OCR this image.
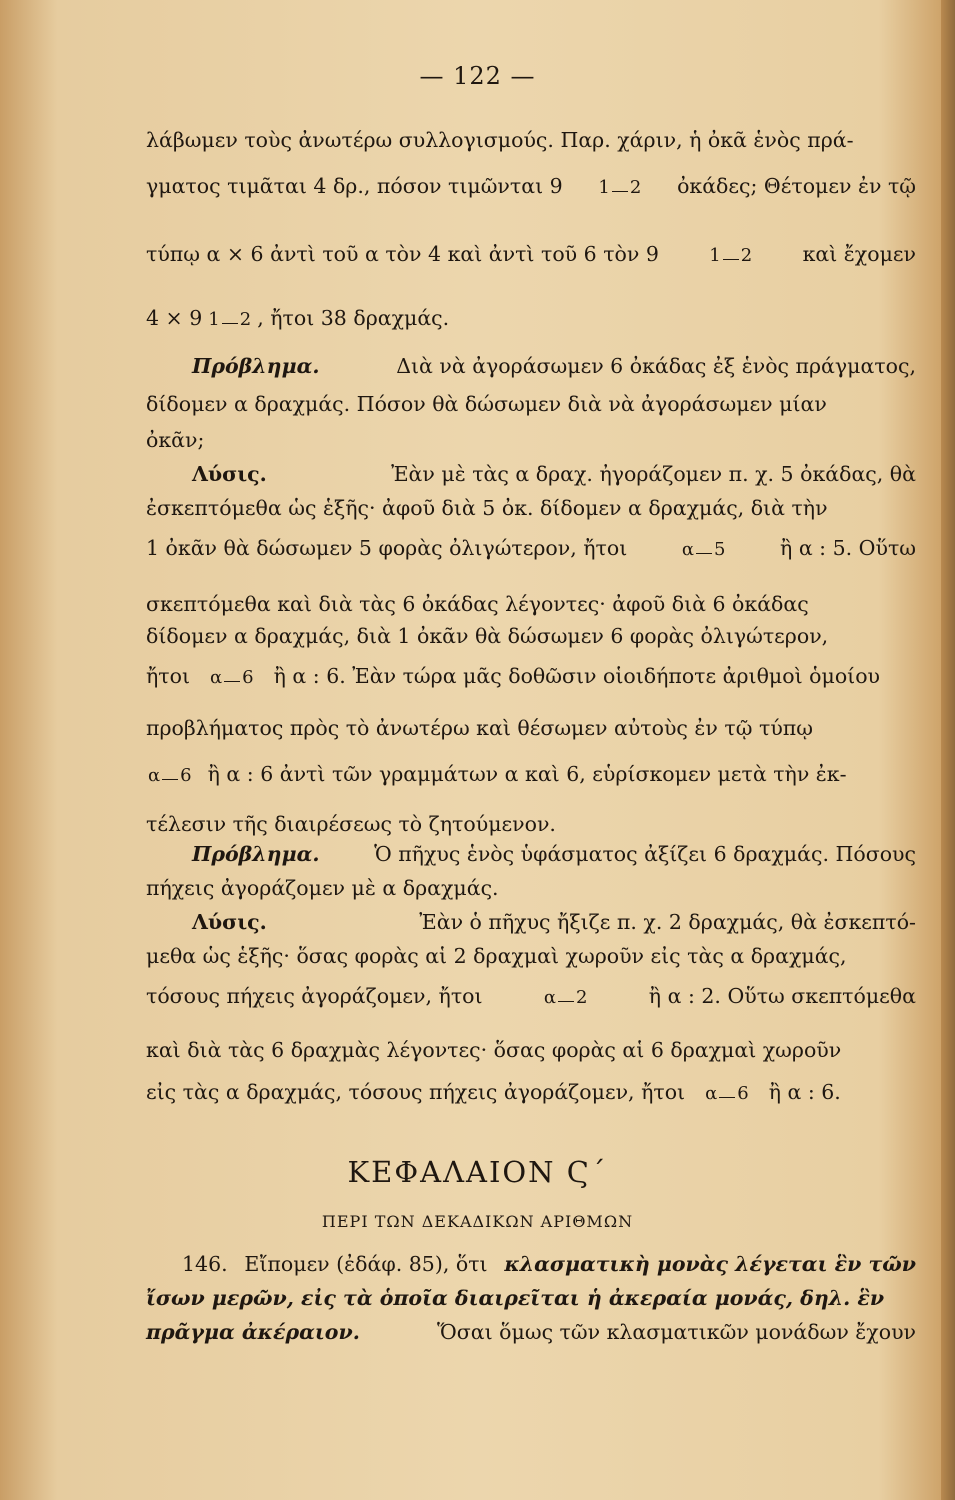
— 122 —
λάβωμεν τοὺς ἀνωτέρω συλλογισμούς. Παρ. χάριν, ἡ ὀκᾶ ἑνὸς πρά-
γματος τιμᾶται 4 δρ., πόσον τιμῶνται 9 1 2 ὀκάδες; Θέτομεν ἐν τῷ
τύπῳ α × 6 ἀντὶ τοῦ α τὸν 4 καὶ ἀντὶ τοῦ 6 τὸν 9	1 2 καὶ ἔχομεν
4 × 9 1 2 , ἤτοι 38 δραχμάς.
Πρόβλημα.	Διὰ νὰ ἀγοράσωμεν 6 ὀκάδας ἐξ ἑνὸς πράγματος,
δίδομεν α δραχμάς. Πόσον θὰ δώσωμεν διὰ νὰ ἀγοράσωμεν μίαν
ὀκᾶν;
Λύσις.	Ἐὰν μὲ τὰς α δραχ. ἠγοράζομεν π. χ. 5 ὀκάδας, θὰ
ἐσκεπτόμεθα ὡς ἑξῆς· ἀφοῦ διὰ 5 ὀκ. δίδομεν α δραχμάς, διὰ τὴν
1 ὀκᾶν θὰ δώσωμεν 5 φορὰς ὀλιγώτερον, ἤτοι	α 5	ἢ α : 5. Οὕτω
σκεπτόμεθα καὶ διὰ τὰς 6 ὀκάδας λέγοντες· ἀφοῦ διὰ 6 ὀκάδας
δίδομεν α δραχμάς, διὰ 1 ὀκᾶν θὰ δώσωμεν 6 φορὰς ὀλιγώτερον,
ἤτοι α 6 ἢ α : 6. Ἐὰν τώρα μᾶς δοθῶσιν οἱοιδήποτε ἀριθμοὶ ὁμοίου
προβλήματος πρὸς τὸ ἀνωτέρω καὶ θέσωμεν αὐτοὺς ἐν τῷ τύπῳ
α 6 ἢ α : 6 ἀντὶ τῶν γραμμάτων α καὶ 6, εὑρίσκομεν μετὰ τὴν ἐκ-
τέλεσιν τῆς διαιρέσεως τὸ ζητούμενον.
Πρόβλημα.	Ὁ πῆχυς ἑνὸς ὑφάσματος ἀξίζει 6 δραχμάς. Πόσους
πήχεις ἀγοράζομεν μὲ α δραχμάς.
Λύσις.	Ἐὰν ὁ πῆχυς ἤξιζε π. χ. 2 δραχμάς, θὰ ἐσκεπτό-
μεθα ὡς ἑξῆς· ὅσας φορὰς αἱ 2 δραχμαὶ χωροῦν εἰς τὰς α δραχμάς,
τόσους πήχεις ἀγοράζομεν, ἤτοι	α 2	ἢ α : 2. Οὕτω σκεπτόμεθα
καὶ διὰ τὰς 6 δραχμὰς λέγοντες· ὅσας φορὰς αἱ 6 δραχμαὶ χωροῦν
εἰς τὰς α δραχμάς, τόσους πήχεις ἀγοράζομεν, ἤτοι α 6 ἢ α : 6.
ΚΕΦΑΛΑΙΟΝ Ϛ΄
ΠΕΡΙ ΤΩΝ ΔΕΚΑΔΙΚΩΝ ΑΡΙΘΜΩΝ
146. Εἴπομεν (ἐδάφ. 85), ὅτι κλασματικὴ μονὰς λέγεται ἓν τῶν
ἴσων μερῶν, εἰς τὰ ὁποῖα διαιρεῖται ἡ ἀκεραία μονάς, δηλ. ἓν
πρᾶγμα ἀκέραιον.	Ὅσαι ὅμως τῶν κλασματικῶν μονάδων ἔχουν
